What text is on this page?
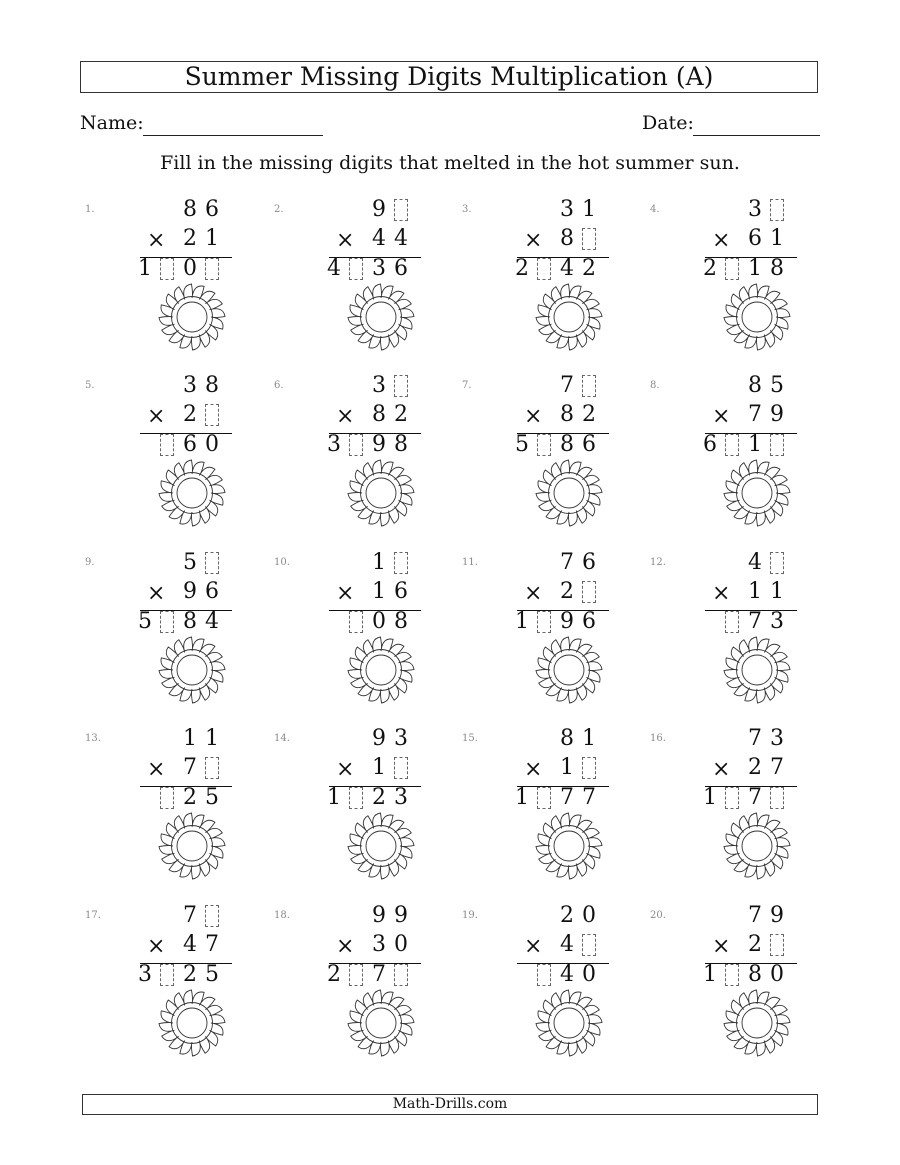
Summer Missing Digits Multiplication (A)
Name:	Date:
Fill in the missing digits that melted in the hot summer sun.
1.	8 6
× 2 1
1 0
2.	9
× 4 4
4 3 6
3.	3 1
× 8
2 4 2
4.	3
× 6 1
2 1 8
5.	3 8
× 2
6 0
6.	3
× 8 2
3 9 8
7.	7
× 8 2
5 8 6
8.	8 5
× 7 9
6 1
9.	5
× 9 6
5 8 4
10.	1
× 1 6
0 8
11.	7 6
× 2
1 9 6
12.	4
× 1 1
7 3
13.	1 1
× 7
2 5
14.	9 3
× 1
1 2 3
15.	8 1
× 1
1 7 7
16.	7 3
× 2 7
1 7
17.	7
× 4 7
3 2 5
18.	9 9
× 3 0
2 7
19.	2 0
× 4
4 0
20.	7 9
× 2
1 8 0
Math-Drills.com
